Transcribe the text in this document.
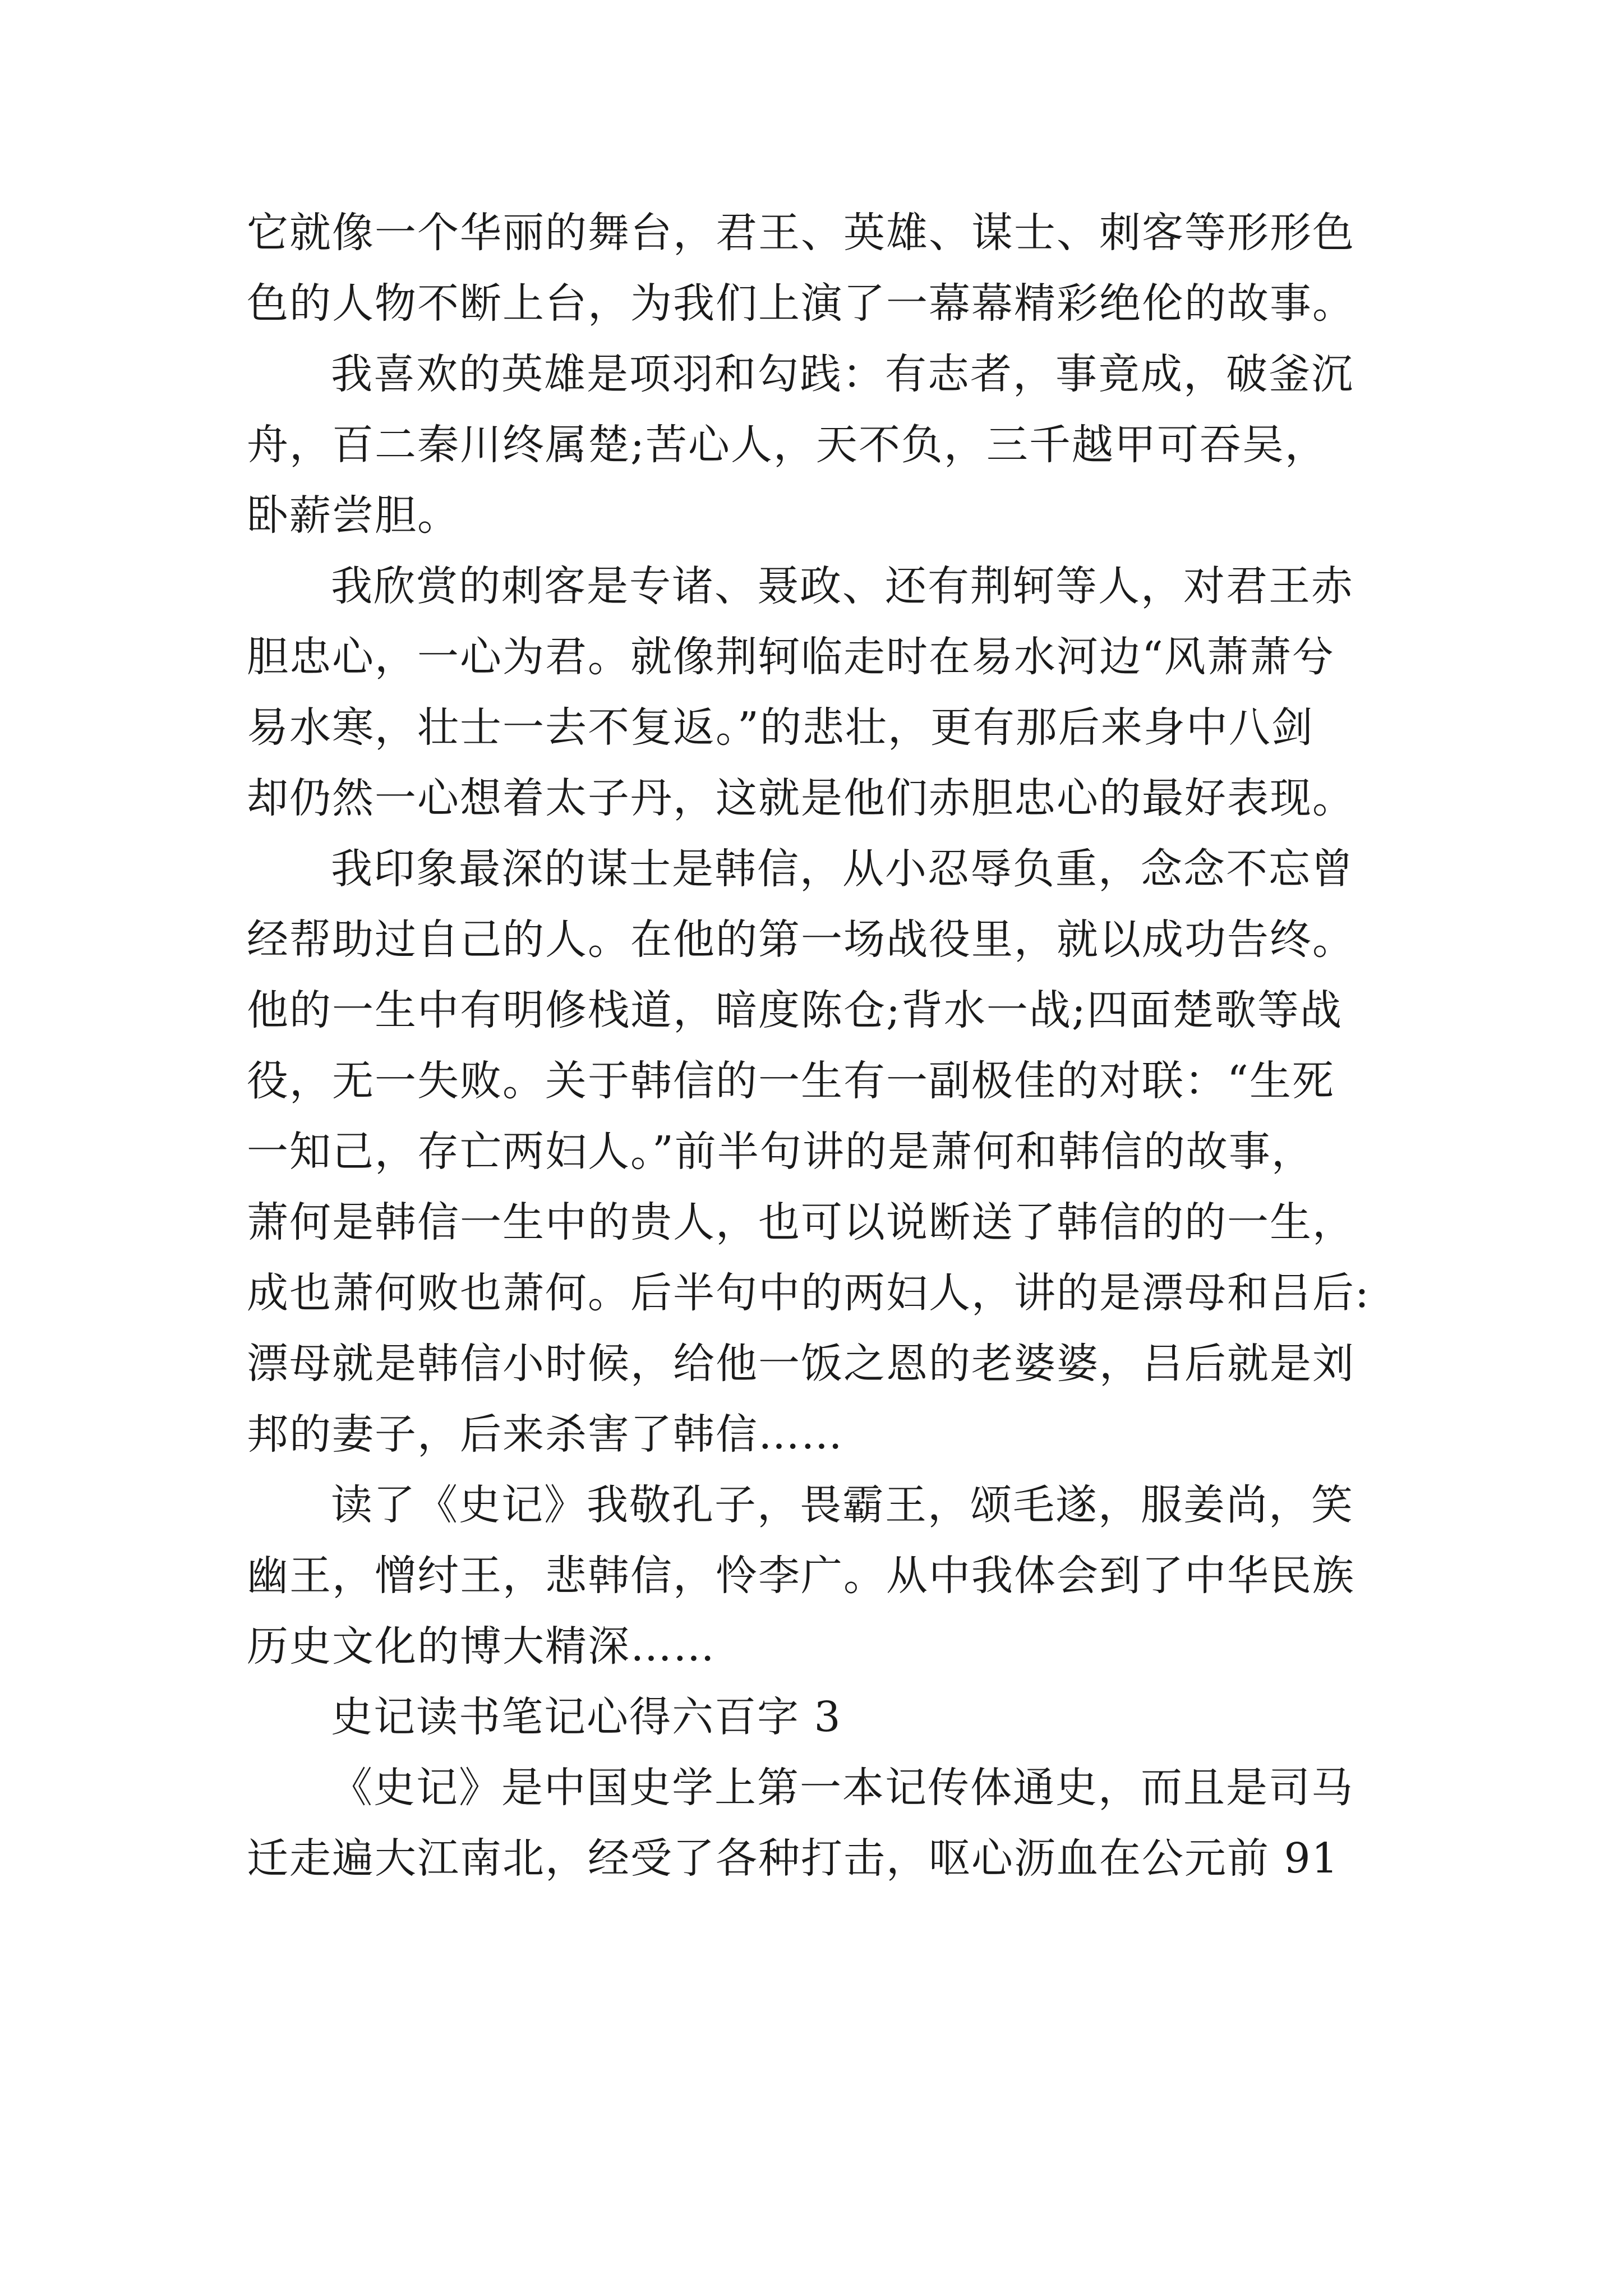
它就像一个华丽的舞台，君王、英雄、谋士、刺客等形形色
色的人物不断上台，为我们上演了一幕幕精彩绝伦的故事。
我喜欢的英雄是项羽和勾践：有志者，事竟成，破釜沉
舟，百二秦川终属楚;苦心人，天不负，三千越甲可吞吴，
卧薪尝胆。
我欣赏的刺客是专诸、聂政、还有荆轲等人，对君王赤
胆忠心，一心为君。就像荆轲临走时在易水河边“风萧萧兮
易水寒，壮士一去不复返。”的悲壮，更有那后来身中八剑
却仍然一心想着太子丹，这就是他们赤胆忠心的最好表现。
我印象最深的谋士是韩信，从小忍辱负重，念念不忘曾
经帮助过自己的人。在他的第一场战役里，就以成功告终。
他的一生中有明修栈道，暗度陈仓;背水一战;四面楚歌等战
役，无一失败。关于韩信的一生有一副极佳的对联：“生死
一知己，存亡两妇人。”前半句讲的是萧何和韩信的故事，
萧何是韩信一生中的贵人，也可以说断送了韩信的的一生，
成也萧何败也萧何。后半句中的两妇人，讲的是漂母和吕后:
漂母就是韩信小时候，给他一饭之恩的老婆婆，吕后就是刘
邦的妻子，后来杀害了韩信……
读了《史记》我敬孔子，畏霸王，颂毛遂，服姜尚，笑
幽王，憎纣王，悲韩信，怜李广。从中我体会到了中华民族
历史文化的博大精深……
史记读书笔记心得六百字 3
《史记》是中国史学上第一本记传体通史，而且是司马
迁走遍大江南北，经受了各种打击，呕心沥血在公元前 91
